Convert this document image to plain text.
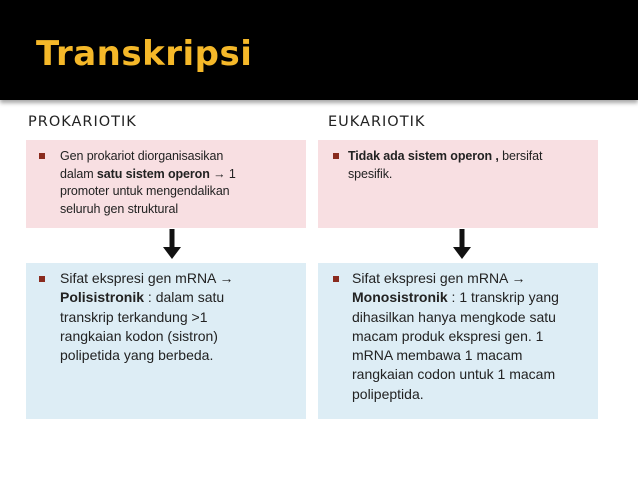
Transkripsi
PROKARIOTIK	EUKARIOTIK
Gen prokariot diorganisasikan
dalam satu sistem operon → 1
promoter untuk mengendalikan
seluruh gen struktural
Tidak ada sistem operon , bersifat
spesifik.
Sifat ekspresi gen mRNA →
Polisistronik : dalam satu
transkrip terkandung >1
rangkaian kodon (sistron)
polipetida yang berbeda.
Sifat ekspresi gen mRNA →
Monosistronik : 1 transkrip yang
dihasilkan hanya mengkode satu
macam produk ekspresi gen. 1
mRNA membawa 1 macam
rangkaian codon untuk 1 macam
polipeptida.
